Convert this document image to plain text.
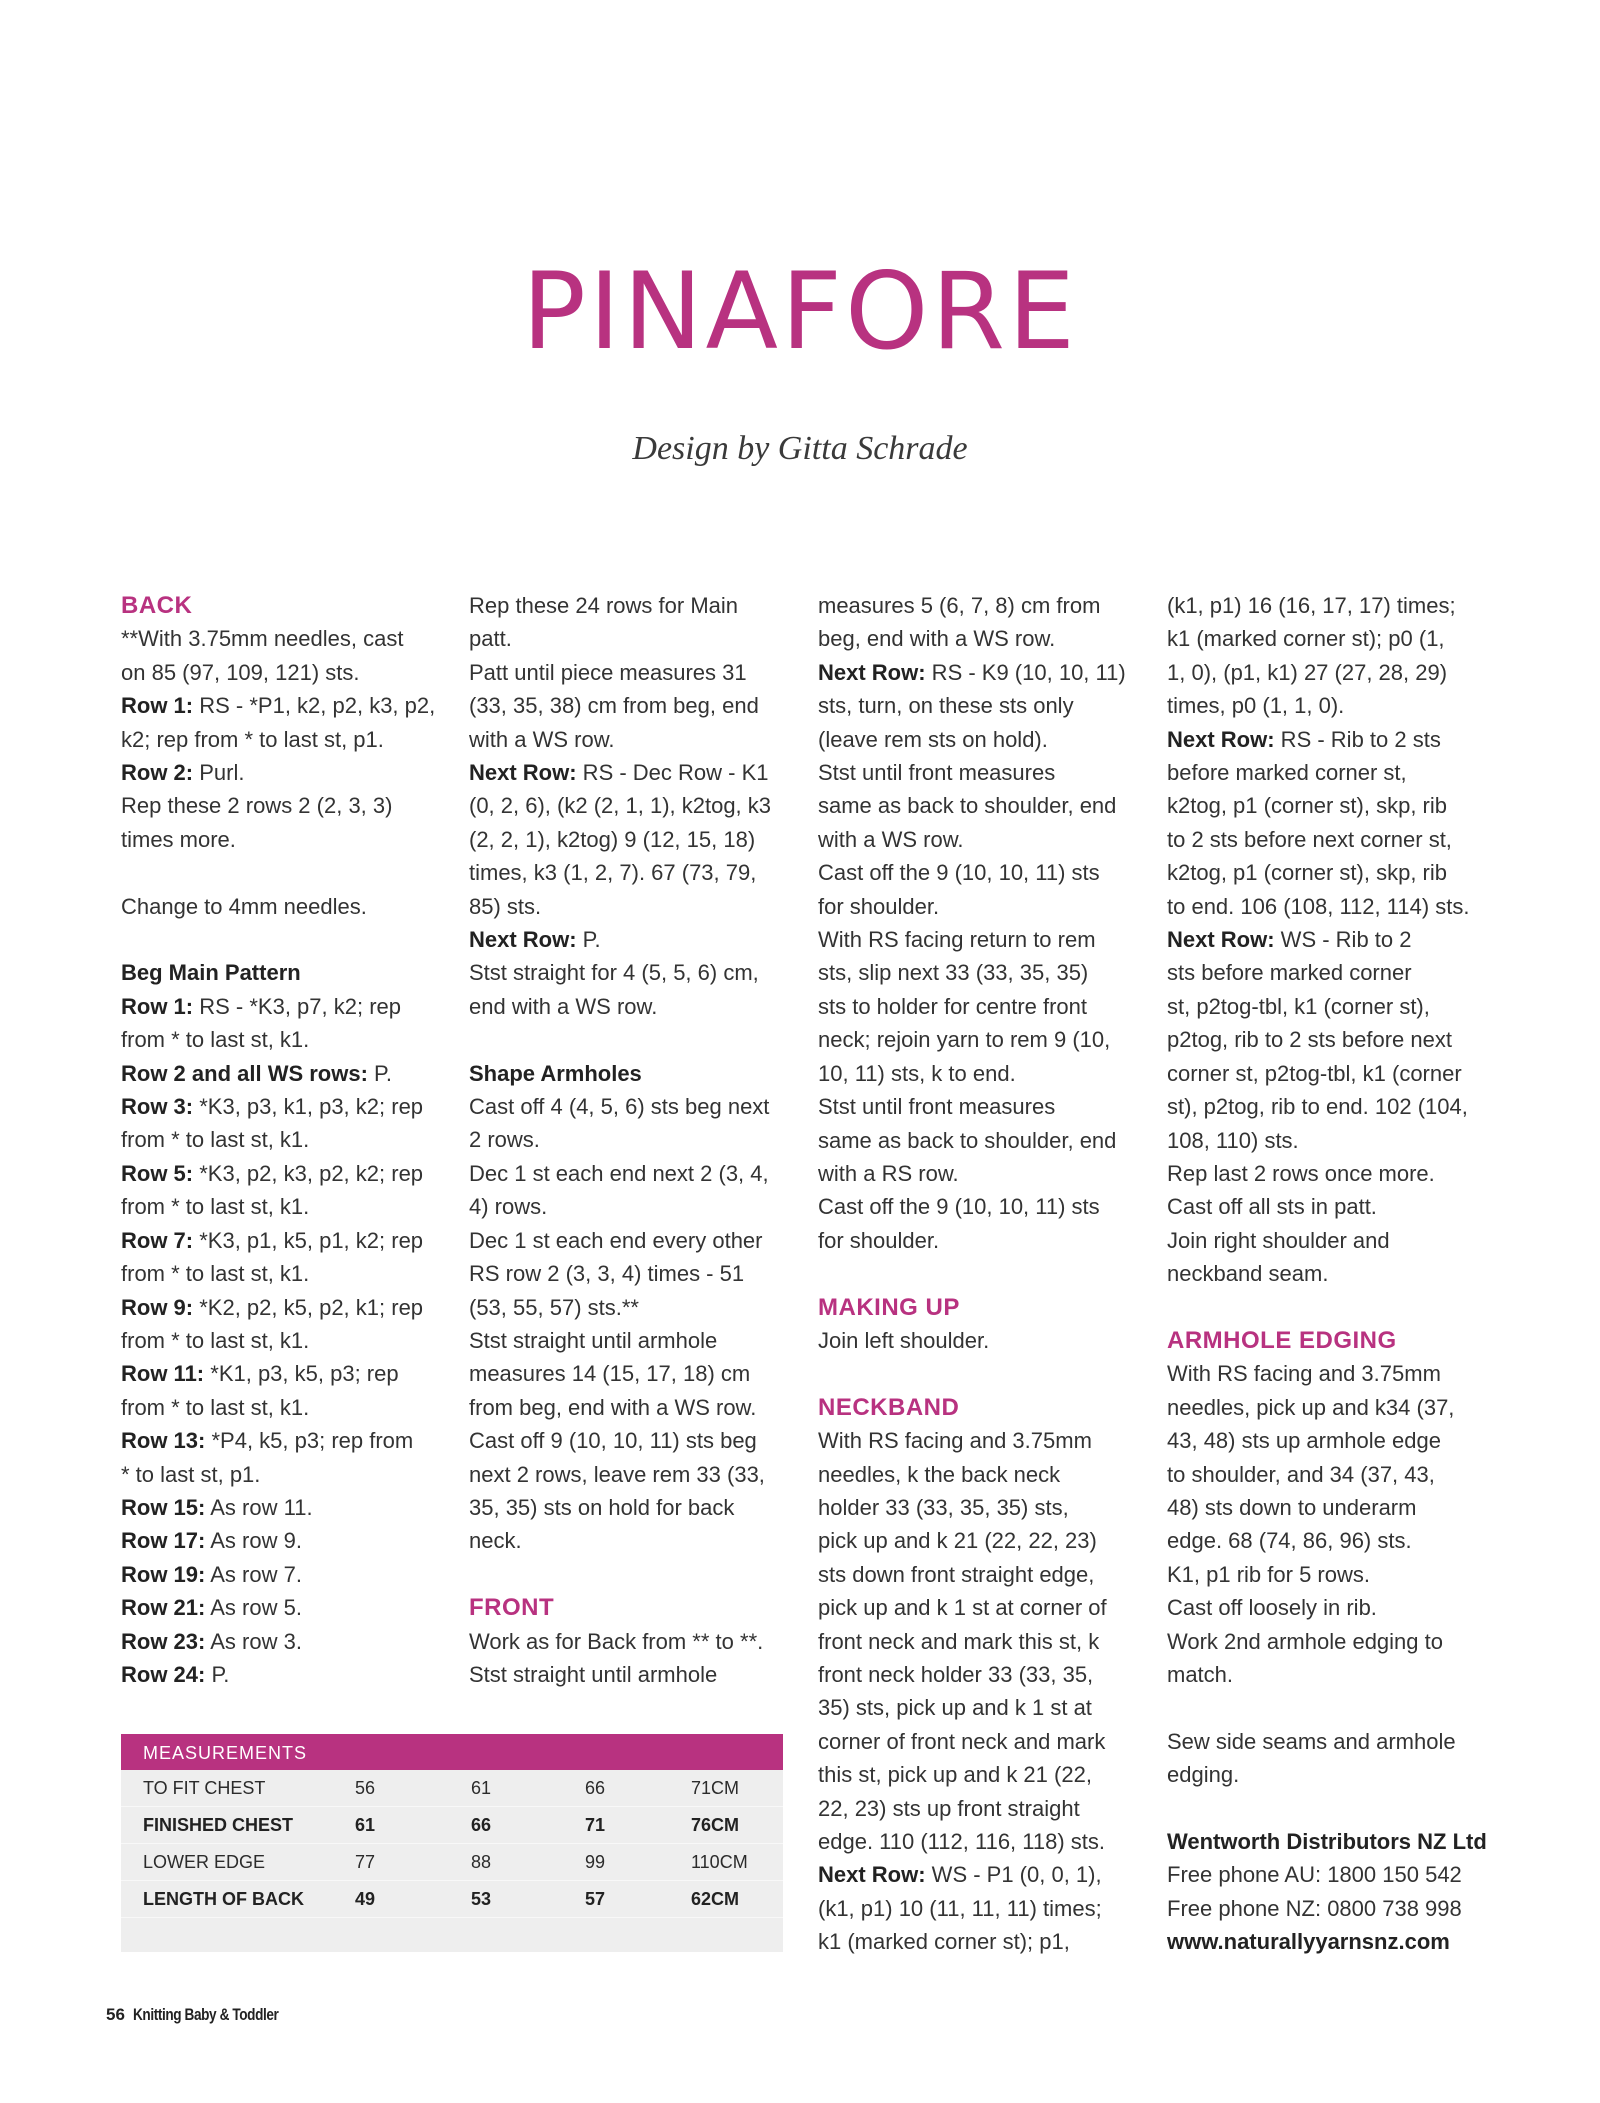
PINAFORE
Design by Gitta Schrade
BACK
**With 3.75mm needles, cast
on 85 (97, 109, 121) sts.
Row 1: RS - *P1, k2, p2, k3, p2,
k2; rep from * to last st, p1.
Row 2: Purl.
Rep these 2 rows 2 (2, 3, 3)
times more.
Change to 4mm needles.
Beg Main Pattern
Row 1: RS - *K3, p7, k2; rep
from * to last st, k1.
Row 2 and all WS rows: P.
Row 3: *K3, p3, k1, p3, k2; rep
from * to last st, k1.
Row 5: *K3, p2, k3, p2, k2; rep
from * to last st, k1.
Row 7: *K3, p1, k5, p1, k2; rep
from * to last st, k1.
Row 9: *K2, p2, k5, p2, k1; rep
from * to last st, k1.
Row 11: *K1, p3, k5, p3; rep
from * to last st, k1.
Row 13: *P4, k5, p3; rep from
* to last st, p1.
Row 15: As row 11.
Row 17: As row 9.
Row 19: As row 7.
Row 21: As row 5.
Row 23: As row 3.
Row 24: P.
Rep these 24 rows for Main
patt.
Patt until piece measures 31
(33, 35, 38) cm from beg, end
with a WS row.
Next Row: RS - Dec Row - K1
(0, 2, 6), (k2 (2, 1, 1), k2tog, k3
(2, 2, 1), k2tog) 9 (12, 15, 18)
times, k3 (1, 2, 7). 67 (73, 79,
85) sts.
Next Row: P.
Stst straight for 4 (5, 5, 6) cm,
end with a WS row.
Shape Armholes
Cast off 4 (4, 5, 6) sts beg next
2 rows.
Dec 1 st each end next 2 (3, 4,
4) rows.
Dec 1 st each end every other
RS row 2 (3, 3, 4) times - 51
(53, 55, 57) sts.**
Stst straight until armhole
measures 14 (15, 17, 18) cm
from beg, end with a WS row.
Cast off 9 (10, 10, 11) sts beg
next 2 rows, leave rem 33 (33,
35, 35) sts on hold for back
neck.
FRONT
Work as for Back from ** to **.
Stst straight until armhole
measures 5 (6, 7, 8) cm from
beg, end with a WS row.
Next Row: RS - K9 (10, 10, 11)
sts, turn, on these sts only
(leave rem sts on hold).
Stst until front measures
same as back to shoulder, end
with a WS row.
Cast off the 9 (10, 10, 11) sts
for shoulder.
With RS facing return to rem
sts, slip next 33 (33, 35, 35)
sts to holder for centre front
neck; rejoin yarn to rem 9 (10,
10, 11) sts, k to end.
Stst until front measures
same as back to shoulder, end
with a RS row.
Cast off the 9 (10, 10, 11) sts
for shoulder.
MAKING UP
Join left shoulder.
NECKBAND
With RS facing and 3.75mm
needles, k the back neck
holder 33 (33, 35, 35) sts,
pick up and k 21 (22, 22, 23)
sts down front straight edge,
pick up and k 1 st at corner of
front neck and mark this st, k
front neck holder 33 (33, 35,
35) sts, pick up and k 1 st at
corner of front neck and mark
this st, pick up and k 21 (22,
22, 23) sts up front straight
edge. 110 (112, 116, 118) sts.
Next Row: WS - P1 (0, 0, 1),
(k1, p1) 10 (11, 11, 11) times;
k1 (marked corner st); p1,
(k1, p1) 16 (16, 17, 17) times;
k1 (marked corner st); p0 (1,
1, 0), (p1, k1) 27 (27, 28, 29)
times, p0 (1, 1, 0).
Next Row: RS - Rib to 2 sts
before marked corner st,
k2tog, p1 (corner st), skp, rib
to 2 sts before next corner st,
k2tog, p1 (corner st), skp, rib
to end. 106 (108, 112, 114) sts.
Next Row: WS - Rib to 2
sts before marked corner
st, p2tog-tbl, k1 (corner st),
p2tog, rib to 2 sts before next
corner st, p2tog-tbl, k1 (corner
st), p2tog, rib to end. 102 (104,
108, 110) sts.
Rep last 2 rows once more.
Cast off all sts in patt.
Join right shoulder and
neckband seam.
ARMHOLE EDGING
With RS facing and 3.75mm
needles, pick up and k34 (37,
43, 48) sts up armhole edge
to shoulder, and 34 (37, 43,
48) sts down to underarm
edge. 68 (74, 86, 96) sts.
K1, p1 rib for 5 rows.
Cast off loosely in rib.
Work 2nd armhole edging to
match.
Sew side seams and armhole
edging.
Wentworth Distributors NZ Ltd
Free phone AU: 1800 150 542
Free phone NZ: 0800 738 998
www.naturallyyarnsnz.com
MEASUREMENTS
TO FIT CHEST	56	61	66	71CM
FINISHED CHEST	61	66	71	76CM
LOWER EDGE	77	88	99	110CM
LENGTH OF BACK	49	53	57	62CM
56 Knitting Baby & Toddler
